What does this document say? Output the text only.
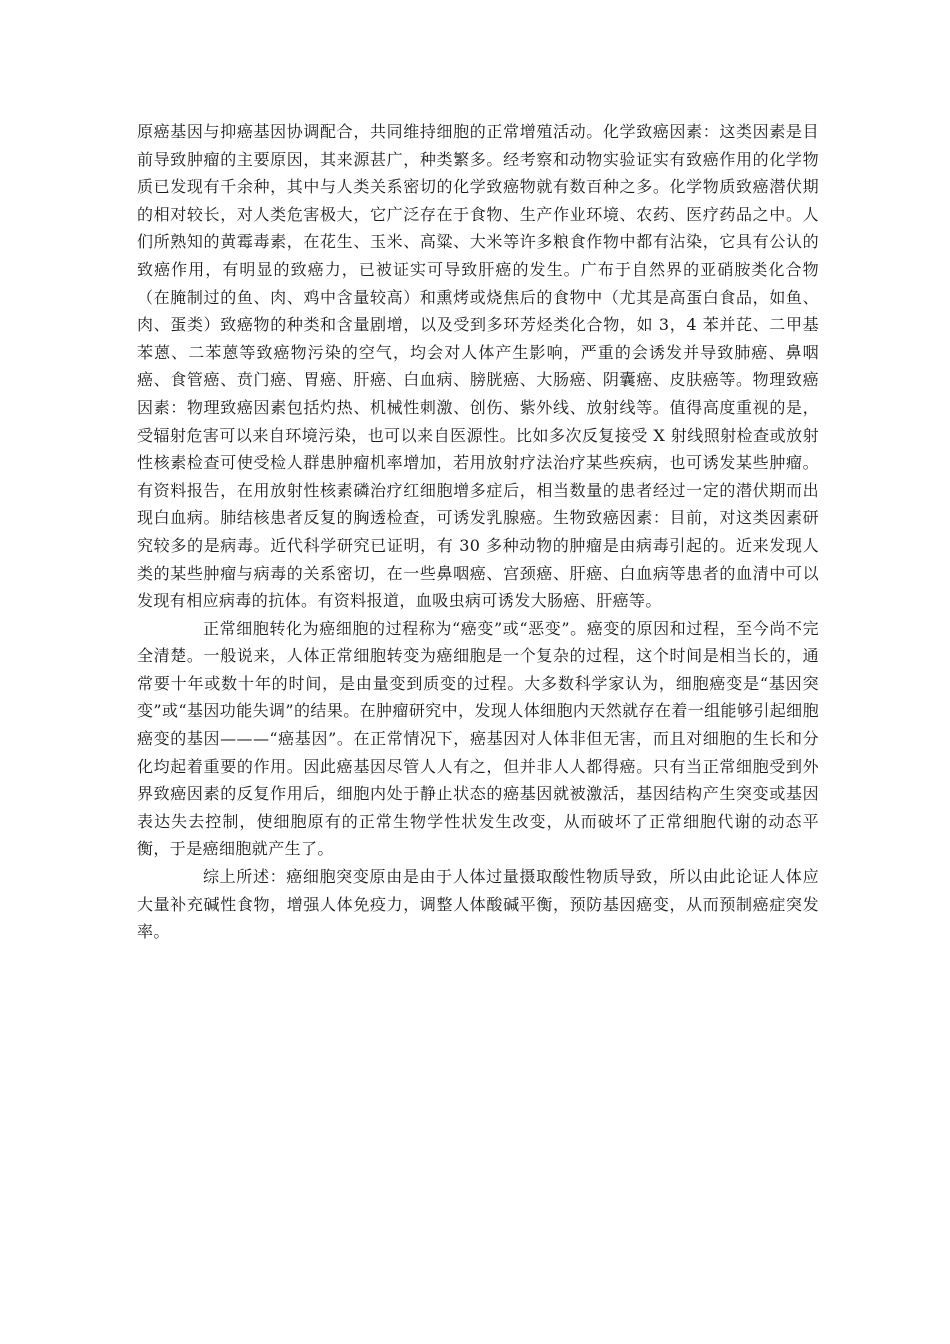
原癌基因与抑癌基因协调配合，共同维持细胞的正常增殖活动。化学致癌因素：这类因素是目前导致肿瘤的主要原因，其来源甚广，种类繁多。经考察和动物实验证实有致癌作用的化学物质已发现有千余种，其中与人类关系密切的化学致癌物就有数百种之多。化学物质致癌潜伏期的相对较长，对人类危害极大，它广泛存在于食物、生产作业环境、农药、医疗药品之中。人们所熟知的黄霉毒素，在花生、玉米、高粱、大米等许多粮食作物中都有沾染，它具有公认的致癌作用，有明显的致癌力，已被证实可导致肝癌的发生。广布于自然界的亚硝胺类化合物（在腌制过的鱼、肉、鸡中含量较高）和熏烤或烧焦后的食物中（尤其是高蛋白食品，如鱼、肉、蛋类）致癌物的种类和含量剧增，以及受到多环芳烃类化合物，如 3，4 苯并芘、二甲基苯蒽、二苯蒽等致癌物污染的空气，均会对人体产生影响，严重的会诱发并导致肺癌、鼻咽癌、食管癌、贲门癌、胃癌、肝癌、白血病、膀胱癌、大肠癌、阴囊癌、皮肤癌等。物理致癌因素：物理致癌因素包括灼热、机械性刺激、创伤、紫外线、放射线等。值得高度重视的是，受辐射危害可以来自环境污染，也可以来自医源性。比如多次反复接受 X 射线照射检查或放射性核素检查可使受检人群患肿瘤机率增加，若用放射疗法治疗某些疾病，也可诱发某些肿瘤。有资料报告，在用放射性核素磷治疗红细胞增多症后，相当数量的患者经过一定的潜伏期而出现白血病。肺结核患者反复的胸透检查，可诱发乳腺癌。生物致癌因素：目前，对这类因素研究较多的是病毒。近代科学研究已证明，有 30 多种动物的肿瘤是由病毒引起的。近来发现人类的某些肿瘤与病毒的关系密切，在一些鼻咽癌、宫颈癌、肝癌、白血病等患者的血清中可以发现有相应病毒的抗体。有资料报道，血吸虫病可诱发大肠癌、肝癌等。

正常细胞转化为癌细胞的过程称为“癌变”或“恶变”。癌变的原因和过程，至今尚不完全清楚。一般说来，人体正常细胞转变为癌细胞是一个复杂的过程，这个时间是相当长的，通常要十年或数十年的时间，是由量变到质变的过程。大多数科学家认为，细胞癌变是“基因突变”或“基因功能失调”的结果。在肿瘤研究中，发现人体细胞内天然就存在着一组能够引起细胞癌变的基因———“癌基因”。在正常情况下，癌基因对人体非但无害，而且对细胞的生长和分化均起着重要的作用。因此癌基因尽管人人有之，但并非人人都得癌。只有当正常细胞受到外界致癌因素的反复作用后，细胞内处于静止状态的癌基因就被激活，基因结构产生突变或基因表达失去控制，使细胞原有的正常生物学性状发生改变，从而破坏了正常细胞代谢的动态平衡，于是癌细胞就产生了。

综上所述：癌细胞突变原由是由于人体过量摄取酸性物质导致，所以由此论证人体应大量补充碱性食物，增强人体免疫力，调整人体酸碱平衡，预防基因癌变，从而预制癌症突发率。
